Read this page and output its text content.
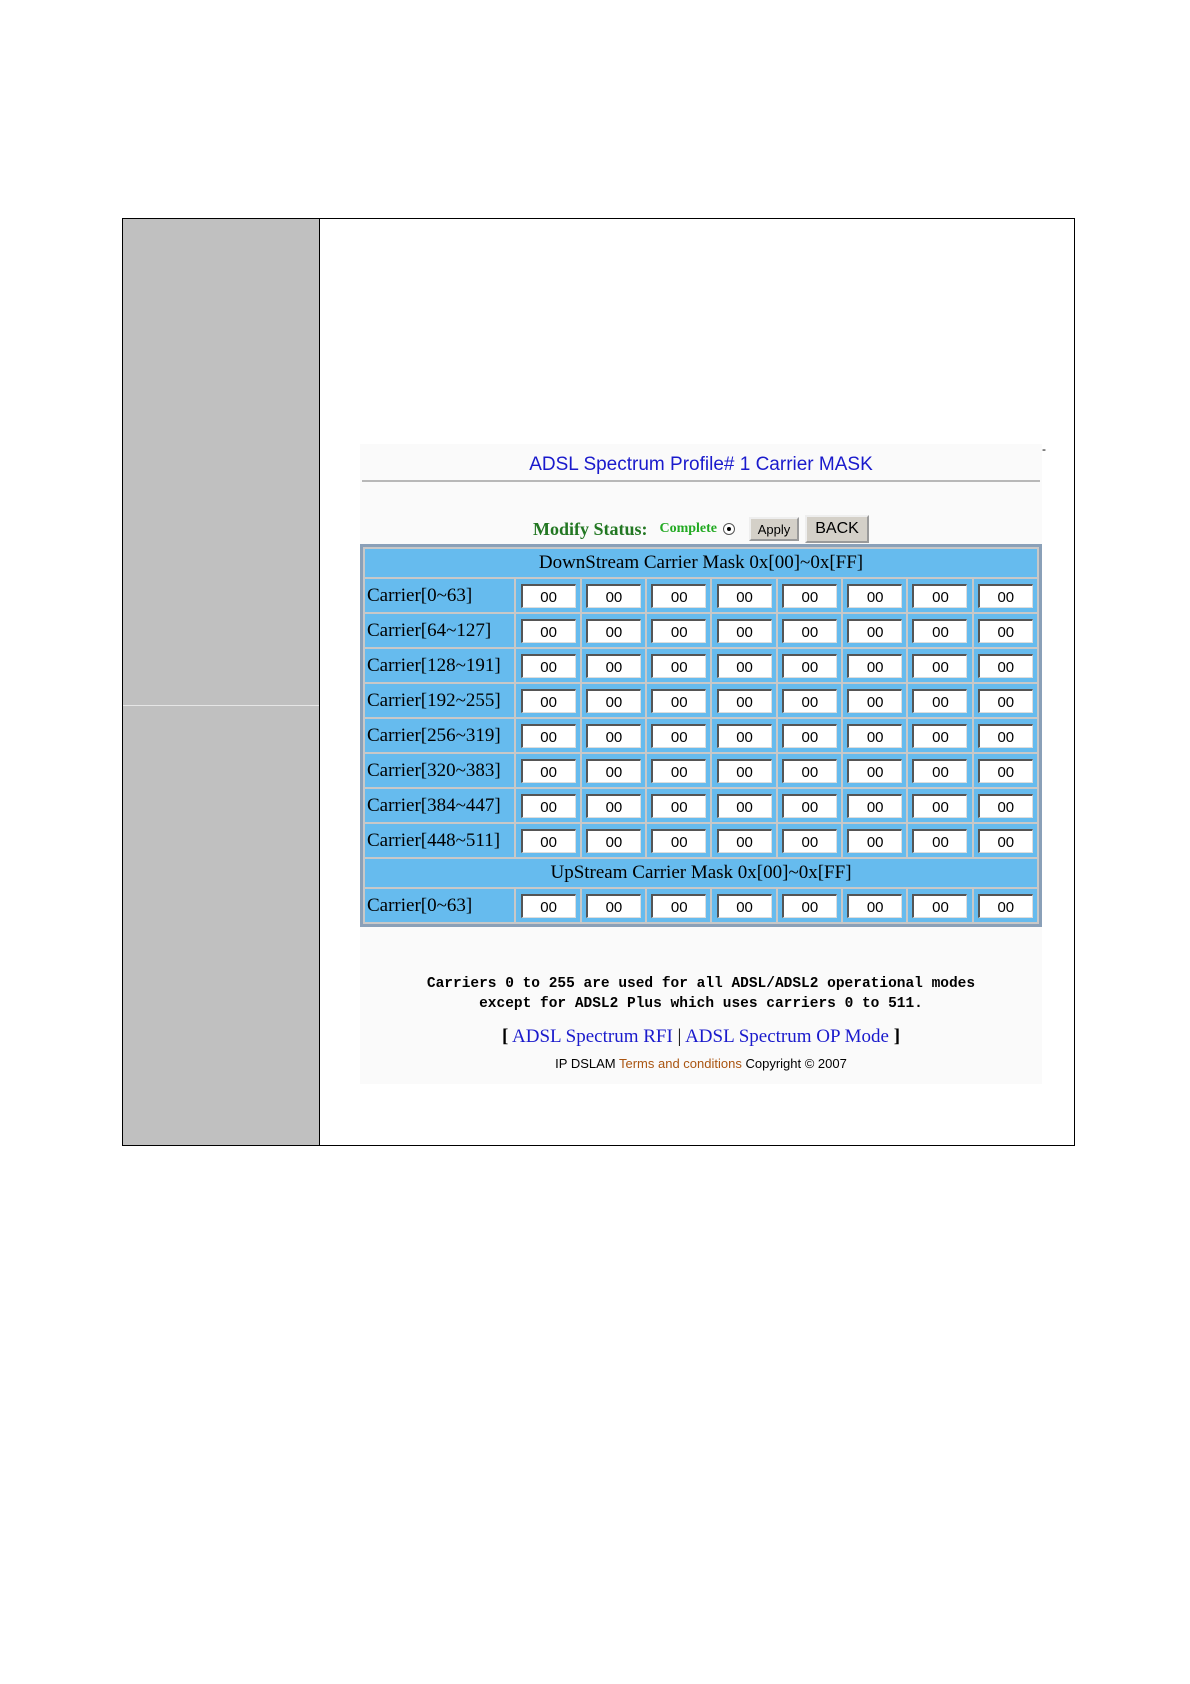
-
ADSL Spectrum Profile# 1 Carrier MASK
Modify Status: Complete	Apply	BACK
DownStream Carrier Mask 0x[00]~0x[FF]								
Carrier[0~63]	00	00	00	00	00	00	00	00
Carrier[64~127]	00	00	00	00	00	00	00	00
Carrier[128~191]	00	00	00	00	00	00	00	00
Carrier[192~255]	00	00	00	00	00	00	00	00
Carrier[256~319]	00	00	00	00	00	00	00	00
Carrier[320~383]	00	00	00	00	00	00	00	00
Carrier[384~447]	00	00	00	00	00	00	00	00
Carrier[448~511]	00	00	00	00	00	00	00	00
UpStream Carrier Mask 0x[00]~0x[FF]								
Carrier[0~63]	00	00	00	00	00	00	00	00
Carriers 0 to 255 are used for all ADSL/ADSL2 operational modes
except for ADSL2 Plus which uses carriers 0 to 511.
[ ADSL Spectrum RFI | ADSL Spectrum OP Mode ]
IP DSLAM Terms and conditions Copyright © 2007
